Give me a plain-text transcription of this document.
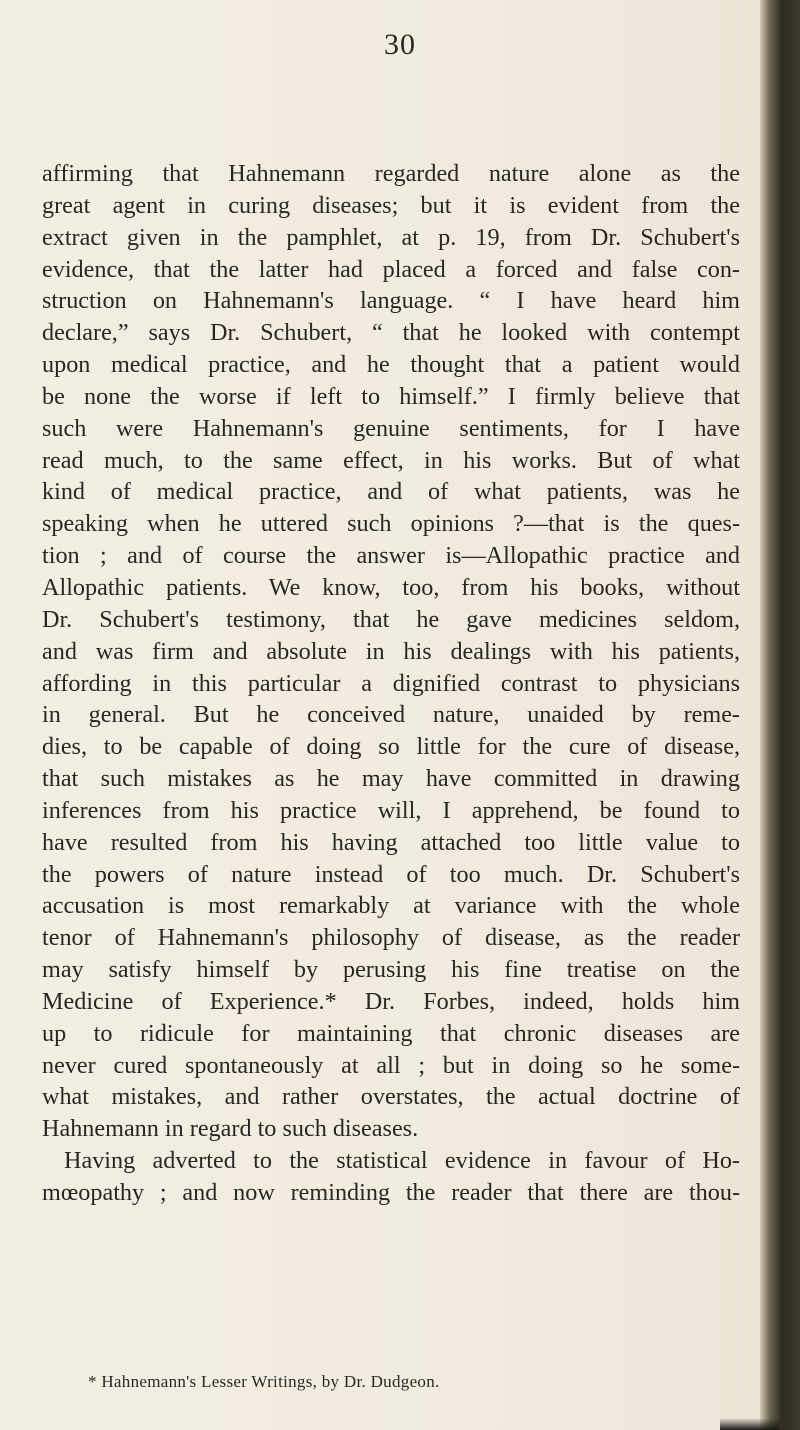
30
affirming that Hahnemann regarded nature alone as the
great agent in curing diseases; but it is evident from the
extract given in the pamphlet, at p. 19, from Dr. Schubert's
evidence, that the latter had placed a forced and false con-
struction on Hahnemann's language. “ I have heard him
declare,” says Dr. Schubert, “ that he looked with contempt
upon medical practice, and he thought that a patient would
be none the worse if left to himself.” I firmly believe that
such were Hahnemann's genuine sentiments, for I have
read much, to the same effect, in his works. But of what
kind of medical practice, and of what patients, was he
speaking when he uttered such opinions ?—that is the ques-
tion ; and of course the answer is—Allopathic practice and
Allopathic patients. We know, too, from his books, without
Dr. Schubert's testimony, that he gave medicines seldom,
and was firm and absolute in his dealings with his patients,
affording in this particular a dignified contrast to physicians
in general. But he conceived nature, unaided by reme-
dies, to be capable of doing so little for the cure of disease,
that such mistakes as he may have committed in drawing
inferences from his practice will, I apprehend, be found to
have resulted from his having attached too little value to
the powers of nature instead of too much. Dr. Schubert's
accusation is most remarkably at variance with the whole
tenor of Hahnemann's philosophy of disease, as the reader
may satisfy himself by perusing his fine treatise on the
Medicine of Experience.* Dr. Forbes, indeed, holds him
up to ridicule for maintaining that chronic diseases are
never cured spontaneously at all ; but in doing so he some-
what mistakes, and rather overstates, the actual doctrine of
Hahnemann in regard to such diseases.
Having adverted to the statistical evidence in favour of Ho-
mœopathy ; and now reminding the reader that there are thou-
* Hahnemann's Lesser Writings, by Dr. Dudgeon.
